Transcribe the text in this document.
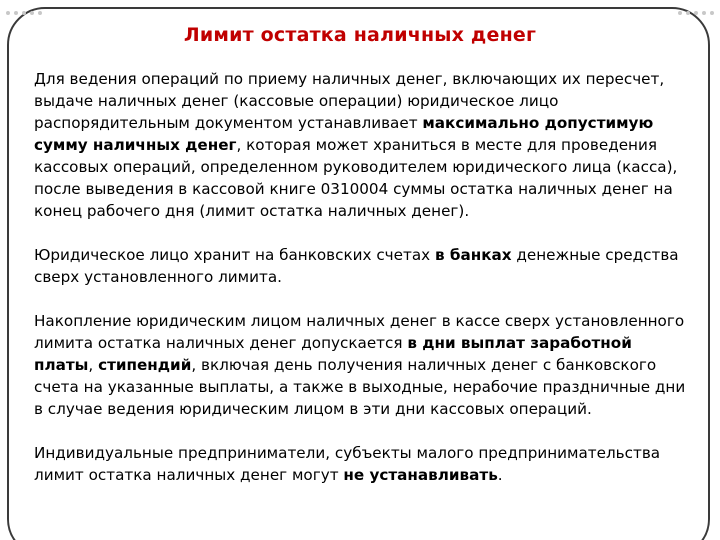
Лимит остатка наличных денег

Для ведения операций по приему наличных денег, включающих их пересчет, выдаче наличных денег (кассовые операции) юридическое лицо распорядительным документом устанавливает максимально допустимую сумму наличных денег, которая может храниться в месте для проведения кассовых операций, определенном руководителем юридического лица (касса), после выведения в кассовой книге 0310004 суммы остатка наличных денег на конец рабочего дня (лимит остатка наличных денег).

Юридическое лицо хранит на банковских счетах в банках денежные средства сверх установленного лимита.

Накопление юридическим лицом наличных денег в кассе сверх установленного лимита остатка наличных денег допускается в дни выплат заработной платы, стипендий, включая день получения наличных денег с банковского счета на указанные выплаты, а также в выходные, нерабочие праздничные дни в случае ведения юридическим лицом в эти дни кассовых операций.

Индивидуальные предприниматели, субъекты малого предпринимательства лимит остатка наличных денег могут не устанавливать.
